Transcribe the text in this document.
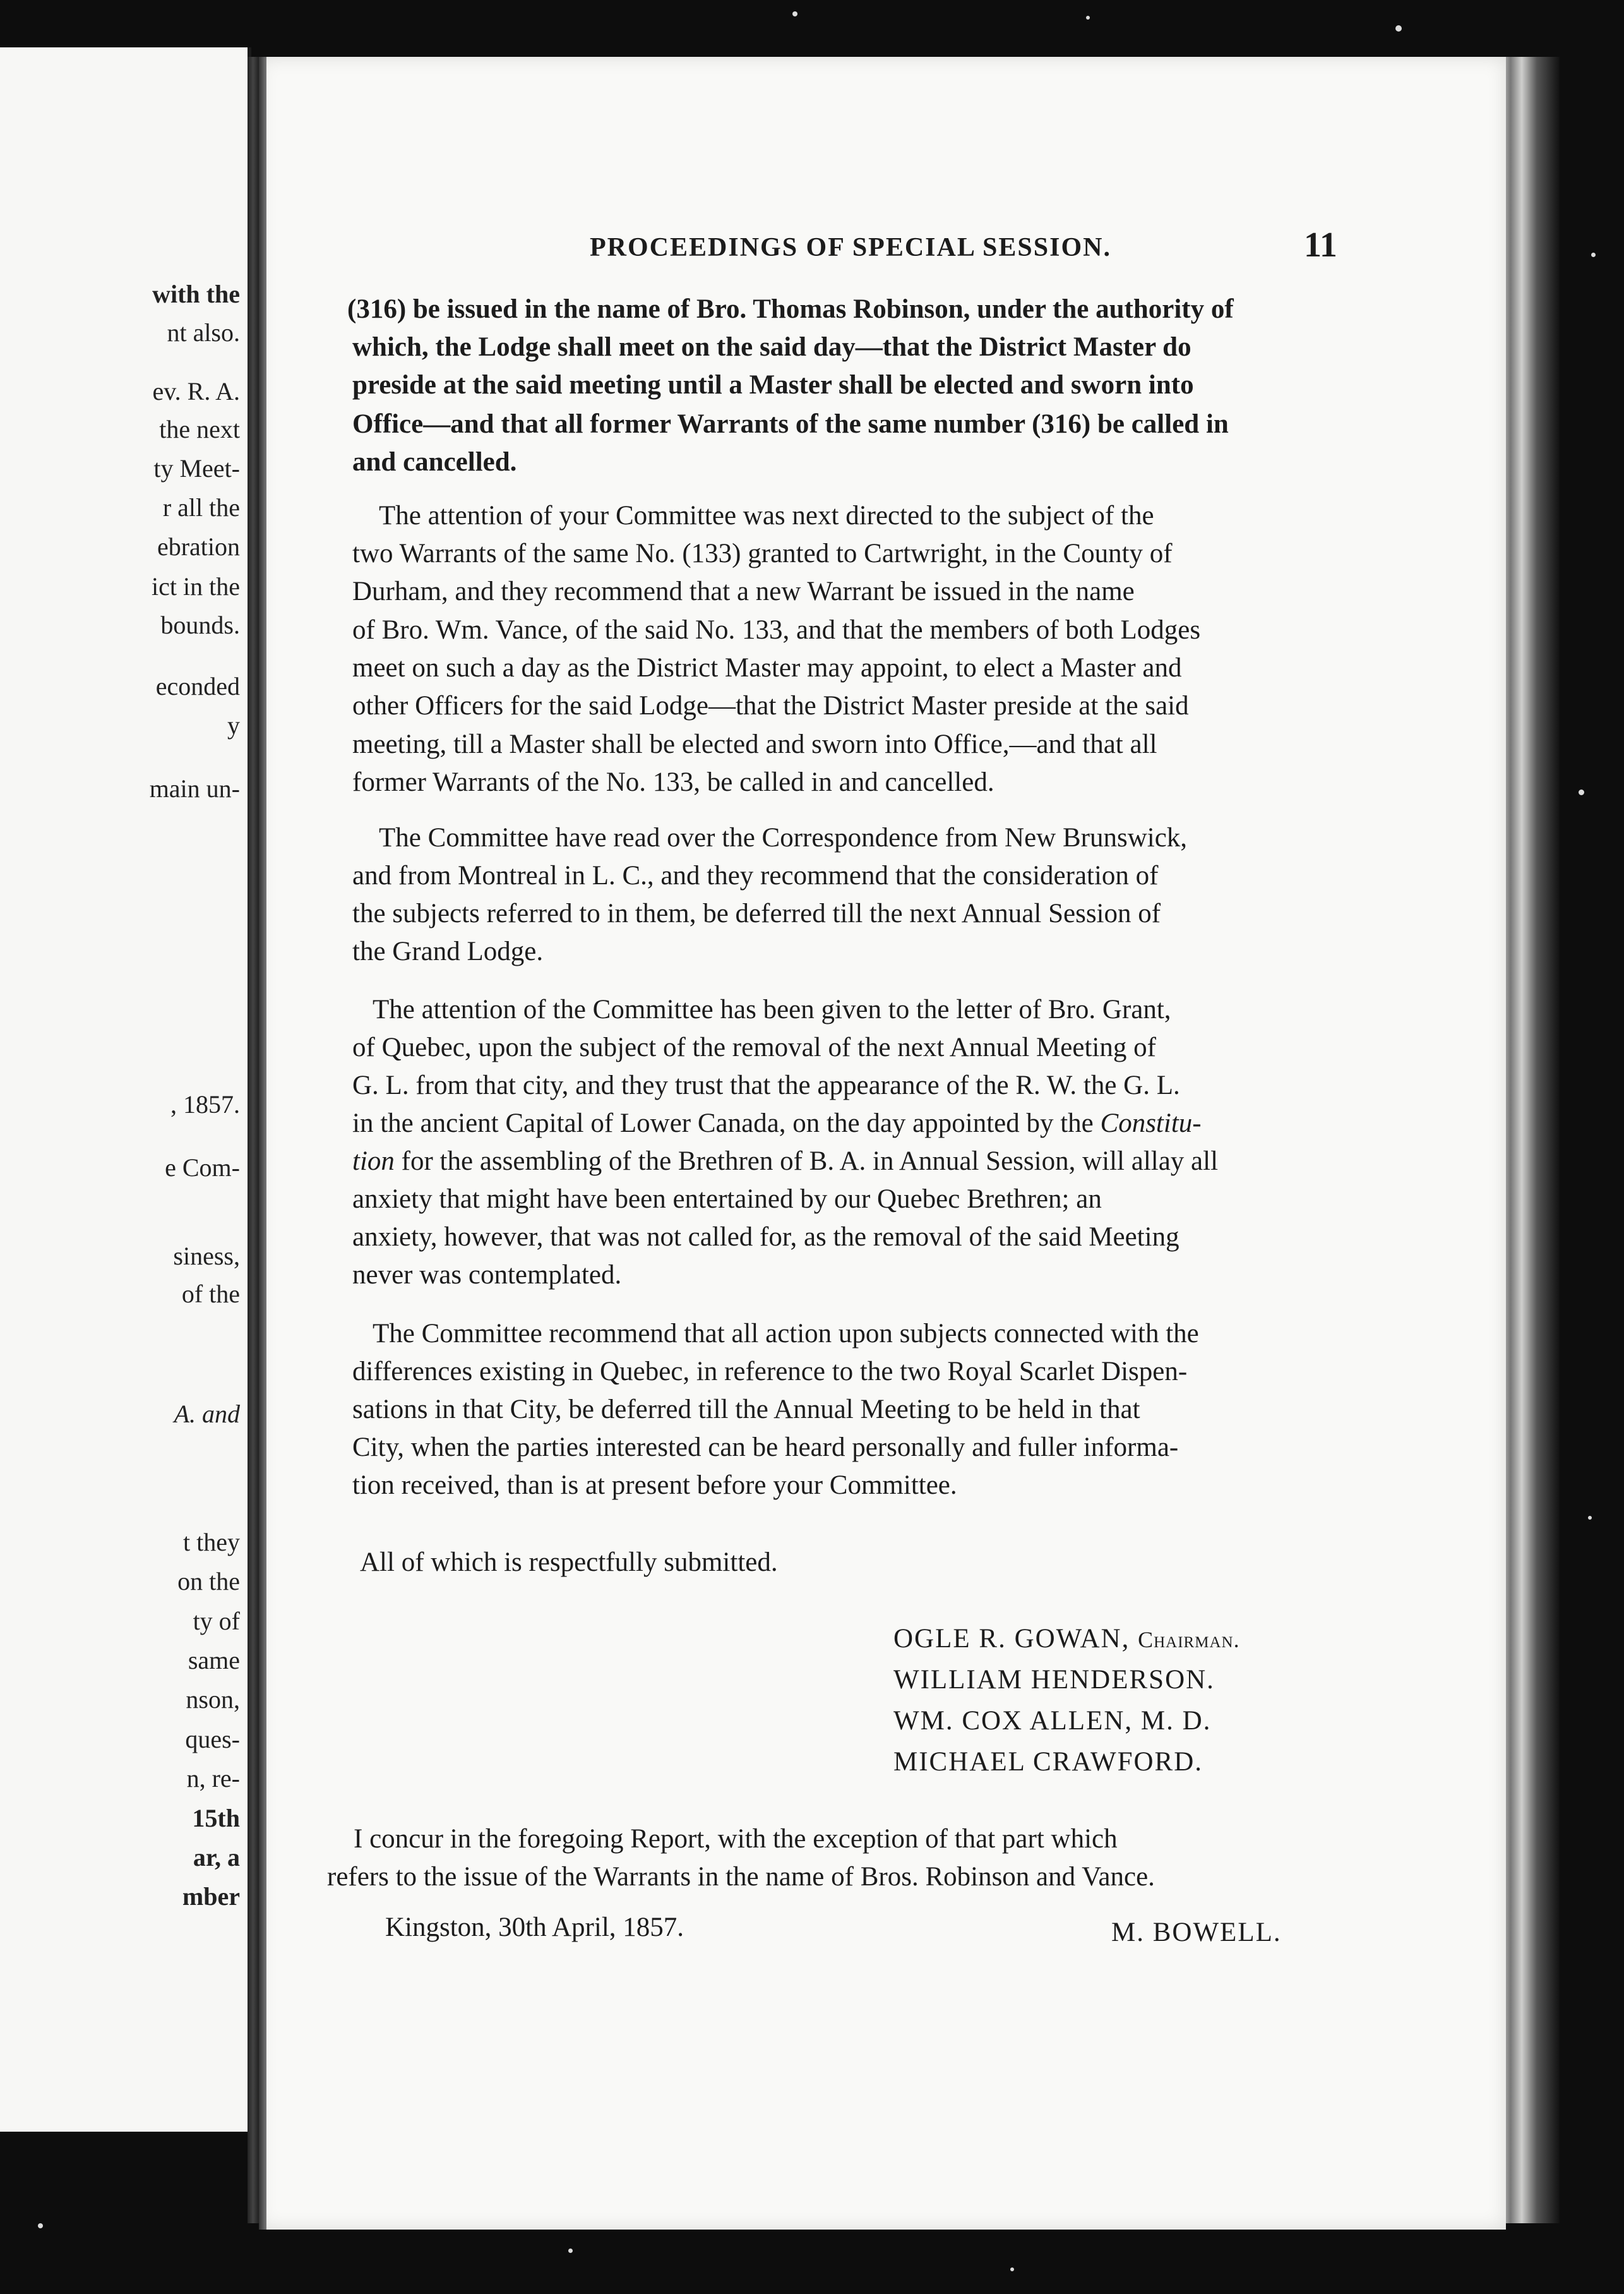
with the
nt also.
ev. R. A.
the next
ty Meet-
r all the
ebration
ict in the
bounds.
econded
y
main un-
, 1857.
e Com-
siness,
of the
A. and
t they
on the
ty of
same
nson,
ques-
n, re-
15th
ar, a
mber
PROCEEDINGS OF SPECIAL SESSION.	11
(316) be issued in the name of Bro. Thomas Robinson, under the authority of
which, the Lodge shall meet on the said day—that the District Master do
preside at the said meeting until a Master shall be elected and sworn into
Office—and that all former Warrants of the same number (316) be called in
and cancelled.
The attention of your Committee was next directed to the subject of the
two Warrants of the same No. (133) granted to Cartwright, in the County of
Durham, and they recommend that a new Warrant be issued in the name
of Bro. Wm. Vance, of the said No. 133, and that the members of both Lodges
meet on such a day as the District Master may appoint, to elect a Master and
other Officers for the said Lodge—that the District Master preside at the said
meeting, till a Master shall be elected and sworn into Office,—and that all
former Warrants of the No. 133, be called in and cancelled.
The Committee have read over the Correspondence from New Brunswick,
and from Montreal in L. C., and they recommend that the consideration of
the subjects referred to in them, be deferred till the next Annual Session of
the Grand Lodge.
The attention of the Committee has been given to the letter of Bro. Grant,
of Quebec, upon the subject of the removal of the next Annual Meeting of
G. L. from that city, and they trust that the appearance of the R. W. the G. L.
in the ancient Capital of Lower Canada, on the day appointed by the Constitu-
tion for the assembling of the Brethren of B. A. in Annual Session, will allay all
anxiety that might have been entertained by our Quebec Brethren; an
anxiety, however, that was not called for, as the removal of the said Meeting
never was contemplated.
The Committee recommend that all action upon subjects connected with the
differences existing in Quebec, in reference to the two Royal Scarlet Dispen-
sations in that City, be deferred till the Annual Meeting to be held in that
City, when the parties interested can be heard personally and fuller informa-
tion received, than is at present before your Committee.
All of which is respectfully submitted.
OGLE R. GOWAN, Chairman.
WILLIAM HENDERSON.
WM. COX ALLEN, M. D.
MICHAEL CRAWFORD.
I concur in the foregoing Report, with the exception of that part which
refers to the issue of the Warrants in the name of Bros. Robinson and Vance.
Kingston, 30th April, 1857.	M. BOWELL.
